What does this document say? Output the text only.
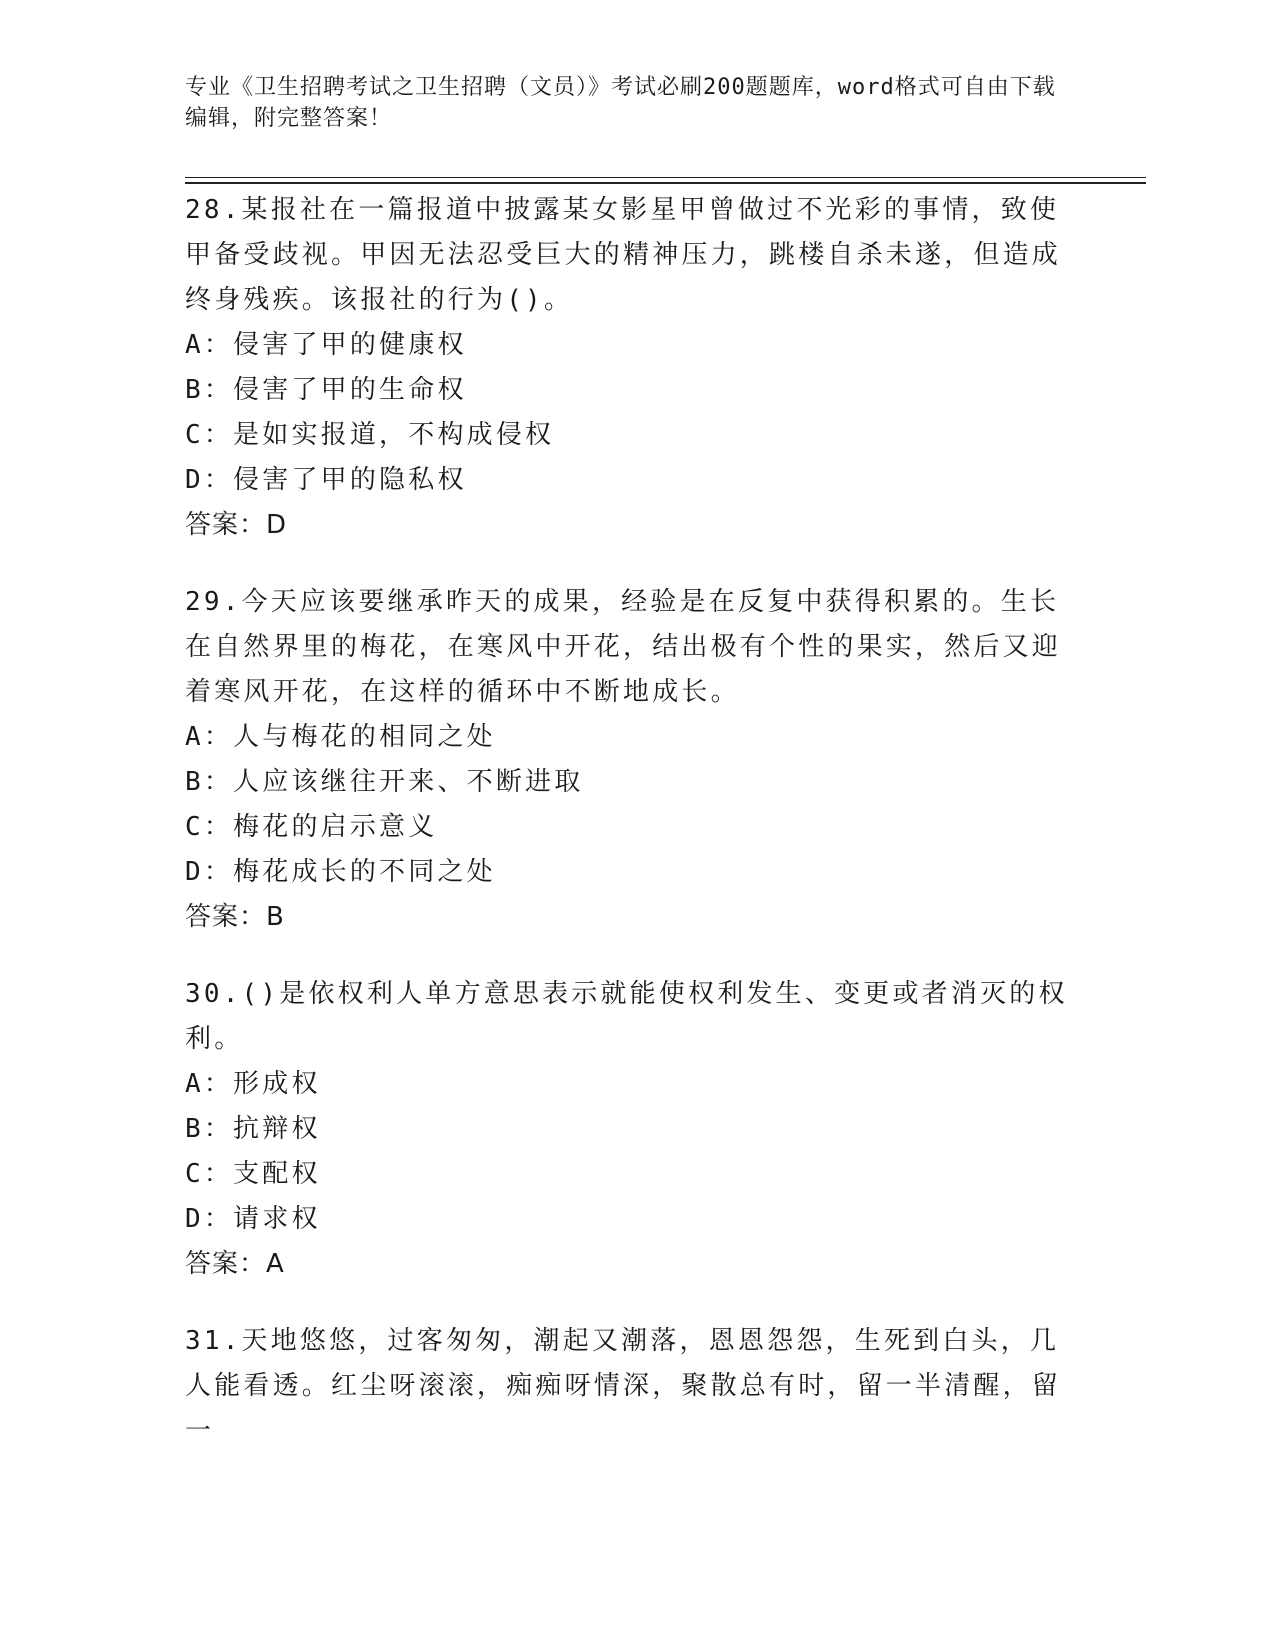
专业《卫生招聘考试之卫生招聘（文员）》考试必刷200题题库，word格式可自由下载编辑，附完整答案！

28.某报社在一篇报道中披露某女影星甲曾做过不光彩的事情，致使甲备受歧视。甲因无法忍受巨大的精神压力，跳楼自杀未遂，但造成终身残疾。该报社的行为()。

A：侵害了甲的健康权

B：侵害了甲的生命权

C：是如实报道，不构成侵权

D：侵害了甲的隐私权

答案：D

29.今天应该要继承昨天的成果，经验是在反复中获得积累的。生长在自然界里的梅花，在寒风中开花，结出极有个性的果实，然后又迎着寒风开花，在这样的循环中不断地成长。

A：人与梅花的相同之处

B：人应该继往开来、不断进取

C：梅花的启示意义

D：梅花成长的不同之处

答案：B

30.()是依权利人单方意思表示就能使权利发生、变更或者消灭的权利。

A：形成权

B：抗辩权

C：支配权

D：请求权

答案：A

31.天地悠悠，过客匆匆，潮起又潮落，恩恩怨怨，生死到白头，几人能看透。红尘呀滚滚，痴痴呀情深，聚散总有时，留一半清醒，留一
